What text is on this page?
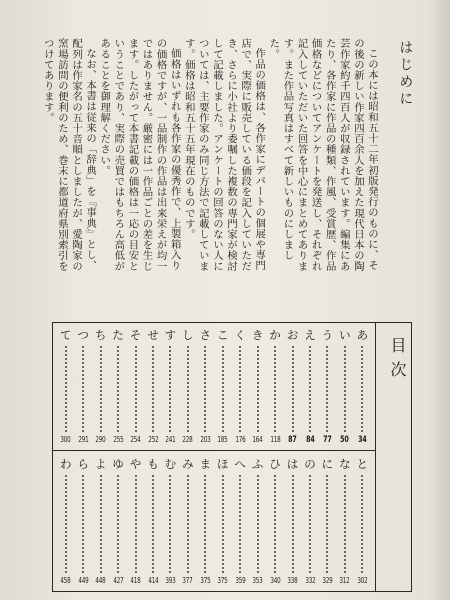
はじめに

この本には昭和五十二年初版発行のものに、その後の新しい作家四百余人を加えた現代日本の陶芸作家約千四百人が収録されています。編集にあたり、各作家に作品の種類、作風、受賞歴、作品価格などについてアンケートを発送し、それぞれ記入していただいた回答を中心にまとめてあります。また作品写真はすべて新しいものにしました。

作品の価格は、各作家にデパートの個展や専門店で、実際に販売している価段を記入していただき、さらに小社より委嘱した複数の専門家が検討して記載しました。アンケートの回答のない人については、主要作家のみ同じ方法で記載しています。価格は昭和五十五年現在のものです。

価格はいずれも各作家の優秀作で、上製箱入りの価格ですが、一品制作の作品は出来栄えが均一ではありません。厳密には一作品ごとの差を生じます。したがって本書記載の価格は一応の目安ということであり、実際の売買ではもちろん高低があることを御理解ください。

なお、本書は従来の「辞典」を『事典』とし、配列は作家名の五十音順としましたが、愛陶家の窯場訪問の便利のため、巻末に都道府県別索引をつけてあります。

目次
あ
34
い
50
う
77
え
84
お
87
か
118
き
164
く
176
こ
185
さ
203
し
228
す
241
せ
252
そ
254
た
255
ち
290
つ
291
て
300
と
302
な
312
に
329
の
332
は
338
ひ
340
ふ
353
へ
359
ほ
375
ま
375
み
377
む
393
も
414
や
418
ゆ
427
よ
448
ら
449
わ
458
